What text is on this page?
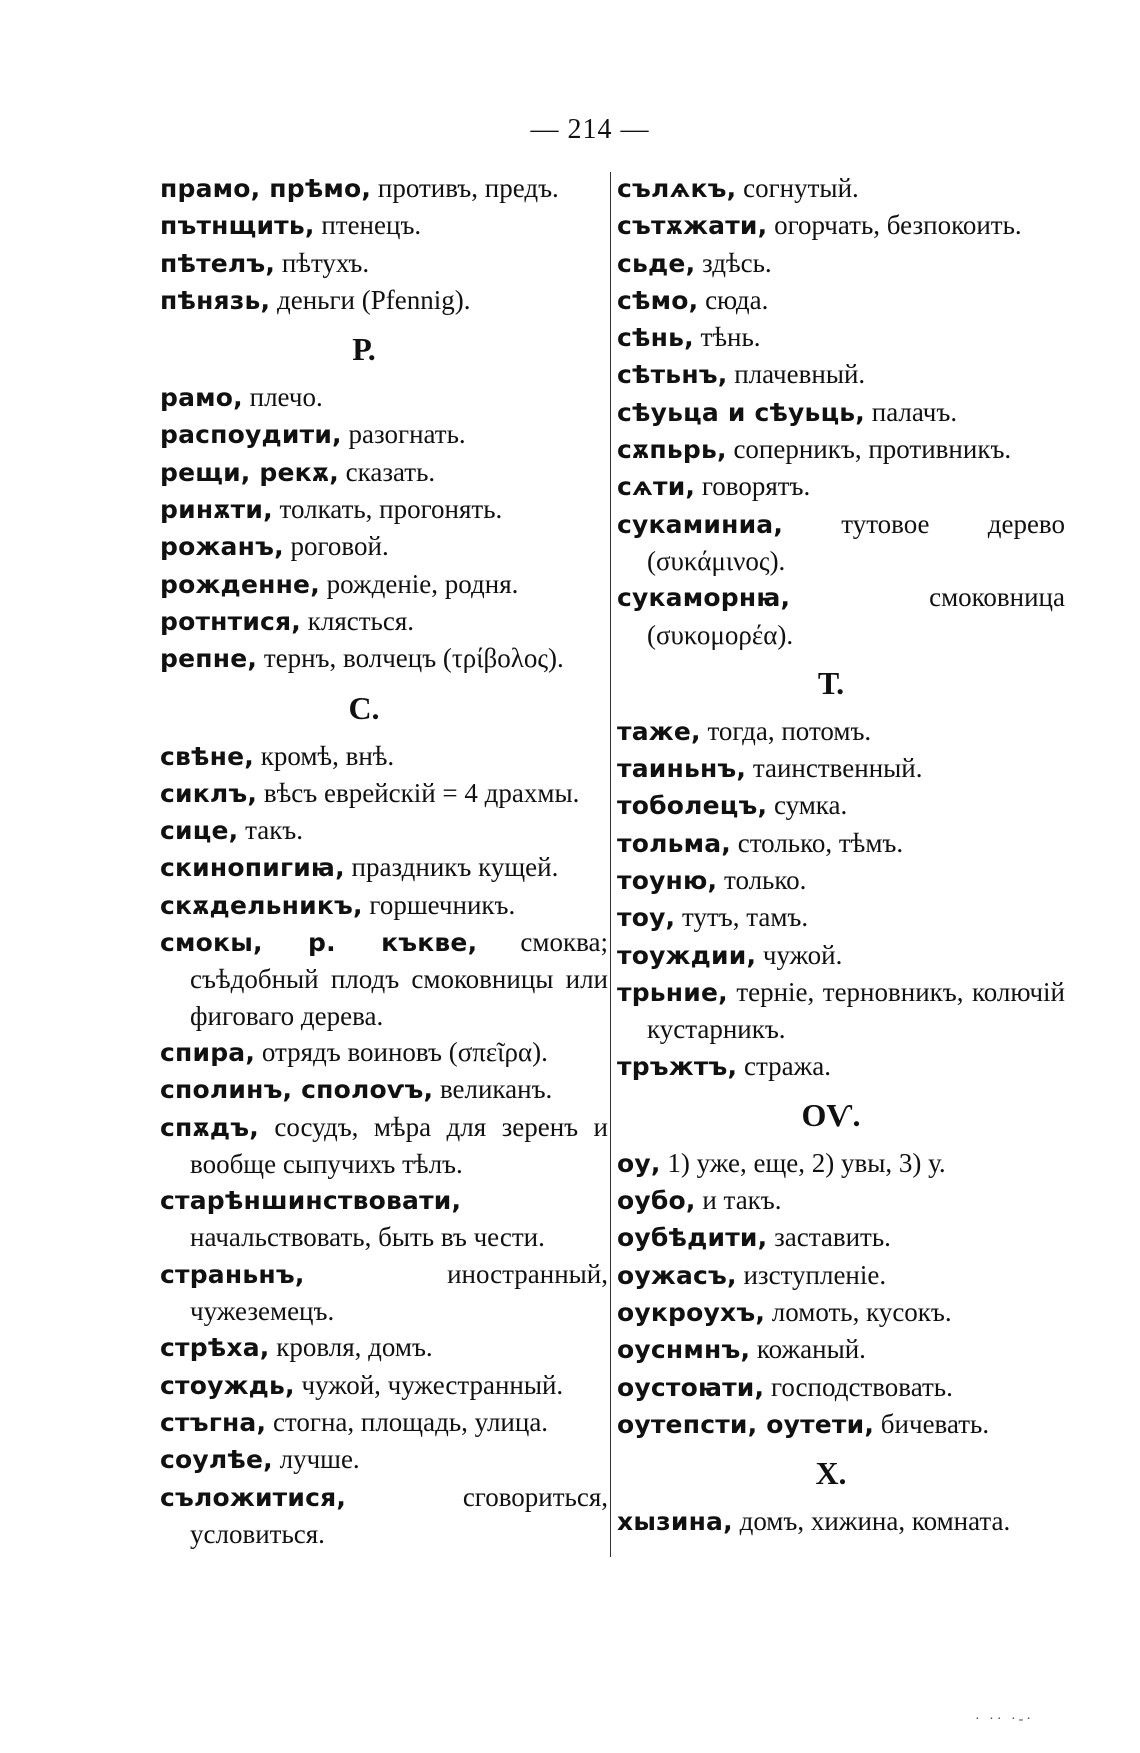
— 214 —

прамо, прѣмо, противъ, предъ.

пътнщить, птенецъ.

пѣтелъ, пѣтухъ.

пѣнязь, деньги (Pfennig).

Р.

рамо, плечо.

распоудити, разогнать.

рещи, рекѫ, сказать.

ринѫти, толкать, прогонять.

рожанъ, роговой.

рожденне, рожденіе, родня.

ротнтися, клясться.

репне, тернъ, волчецъ (τρίβολος).

С.

свѣне, кромѣ, внѣ.

сиклъ, вѣсъ еврейскій = 4 драхмы.

сице, такъ.

скинопигиꙗ, праздникъ кущей.

скѫдельникъ, горшечникъ.

смокы, р. къкве, смоква; съѣдобный плодъ смоковницы или фиговаго дерева.

спира, отрядъ воиновъ (σπεῖρα).

сполинъ, сполоѵъ, великанъ.

спѫдъ, сосудъ, мѣра для зеренъ и вообще сыпучихъ тѣлъ.

старѣншинствовати, начальствовать, быть въ чести.

страньнъ, иностранный, чужеземецъ.

стрѣха, кровля, домъ.

стоуждь, чужой, чужестранный.

стъгна, стогна, площадь, улица.

соулѣе, лучше.

съложитися, сговориться, условиться.

сълѧкъ, согнутый.

сътѫжати, огорчать, безпокоить.

сьде, здѣсь.

сѣмо, сюда.

сѣнь, тѣнь.

сѣтьнъ, плачевный.

сѣуьца и сѣуьць, палачъ.

сѫпьрь, соперникъ, противникъ.

сѧти, говорятъ.

сукаминиа, тутовое дерево (συκάμινος).

сукаморнꙗ, смоковница (συκομορέα).

Т.

таже, тогда, потомъ.

таиньнъ, таинственный.

тоболецъ, сумка.

тольма, столько, тѣмъ.

тоуню, только.

тоу, тутъ, тамъ.

тоуждии, чужой.

трьние, терніе, терновникъ, колючій кустарникъ.

тръжтъ, стража.

ОѴ.

оу, 1) уже, еще, 2) увы, 3) у.

оубо, и такъ.

оубѣдити, заставить.

оужасъ, изступленіе.

оукроухъ, ломоть, кусокъ.

оуснмнъ, кожаный.

оустоꙗти, господствовать.

оутепсти, оутети, бичевать.

Х.

хызина, домъ, хижина, комната.

· ·· ·-·
